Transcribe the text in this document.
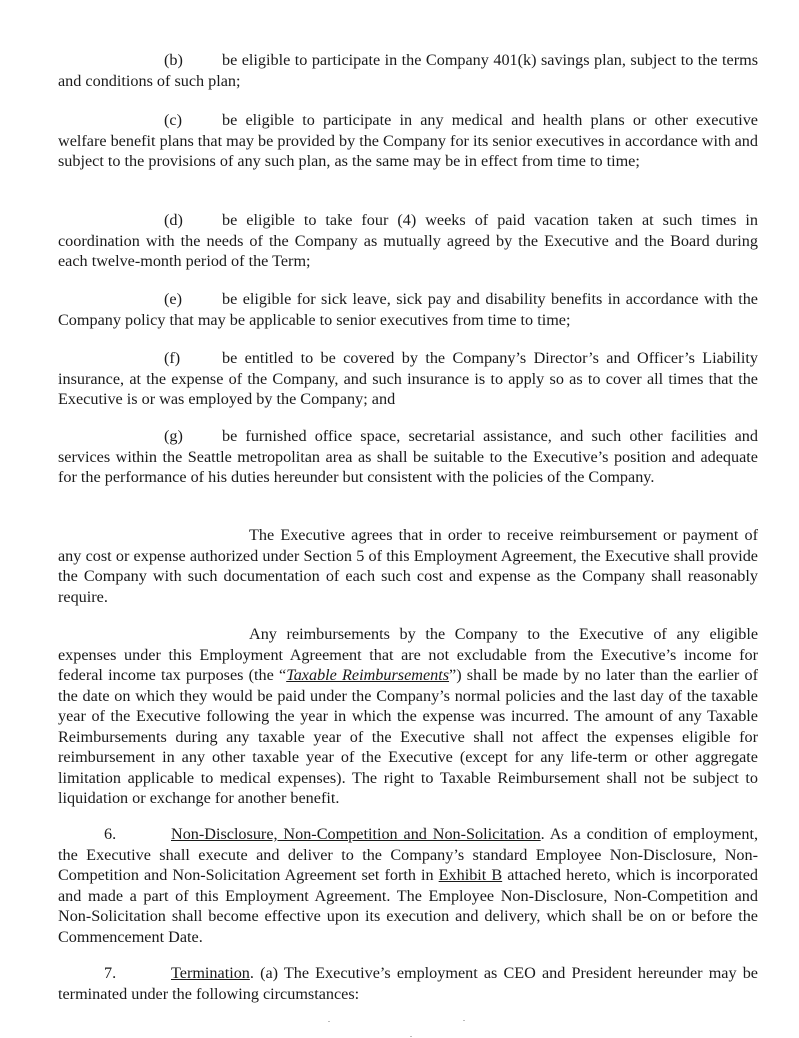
(b) be eligible to participate in the Company 401(k) savings plan, subject to the terms and conditions of such plan;

(c) be eligible to participate in any medical and health plans or other executive welfare benefit plans that may be provided by the Company for its senior executives in accordance with and subject to the provisions of any such plan, as the same may be in effect from time to time;

(d) be eligible to take four (4) weeks of paid vacation taken at such times in coordination with the needs of the Company as mutually agreed by the Executive and the Board during each twelve-month period of the Term;

(e) be eligible for sick leave, sick pay and disability benefits in accordance with the Company policy that may be applicable to senior executives from time to time;

(f)	be entitled to be covered by the Company’s Director’s and Officer’s Liability insurance, at the expense of the Company, and such insurance is to apply so as to cover all times that the Executive is or was employed by the Company; and

(g) be furnished office space, secretarial assistance, and such other facilities and services within the Seattle metropolitan area as shall be suitable to the Executive’s position and adequate for the performance of his duties hereunder but consistent with the policies of the Company.

The Executive agrees that in order to receive reimbursement or payment of any cost or expense authorized under Section 5 of this Employment Agreement, the Executive shall provide the Company with such documentation of each such cost and expense as the Company shall reasonably require.

Any reimbursements by the Company to the Executive of any eligible expenses under this Employment Agreement that are not excludable from the Executive’s income for federal income tax purposes (the “Taxable Reimbursements”) shall be made by no later than the earlier of the date on which they would be paid under the Company’s normal policies and the last day of the taxable year of the Executive following the year in which the expense was incurred. The amount of any Taxable Reimbursements during any taxable year of the Executive shall not affect the expenses eligible for reimbursement in any other taxable year of the Executive (except for any life-term or other aggregate limitation applicable to medical expenses). The right to Taxable Reimbursement shall not be subject to liquidation or exchange for another benefit.

6.	Non-Disclosure, Non-Competition and Non-Solicitation. As a condition of employment, the Executive shall execute and deliver to the Company’s standard Employee Non-Disclosure, Non-Competition and Non-Solicitation Agreement set forth in Exhibit B attached hereto, which is incorporated and made a part of this Employment Agreement. The Employee Non-Disclosure, Non-Competition and Non-Solicitation shall become effective upon its execution and delivery, which shall be on or before the Commencement Date.

7.	Termination. (a) The Executive’s employment as CEO and President hereunder may be terminated under the following circumstances:
